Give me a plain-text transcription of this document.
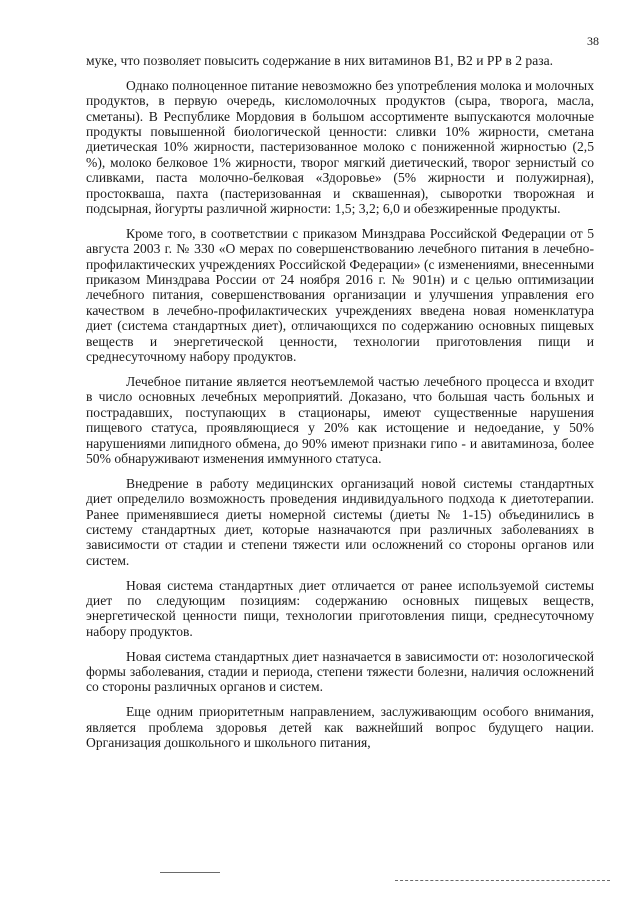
38

муке, что позволяет повысить содержание в них витаминов В1, В2 и РР в 2 раза.

Однако полноценное питание невозможно без употребления молока и молочных продуктов, в первую очередь, кисломолочных продуктов (сыра, творога, масла, сметаны). В Республике Мордовия в большом ассортименте выпускаются молочные продукты повышенной биологической ценности: сливки 10% жирности, сметана диетическая 10% жирности, пастеризованное молоко с пониженной жирностью (2,5 %), молоко белковое 1% жирности, творог мягкий диетический, творог зернистый со сливками, паста молочно-белковая «Здоровье» (5% жирности и полужирная), простокваша, пахта (пастеризованная и сквашенная), сыворотки творожная и подсырная, йогурты различной жирности: 1,5; 3,2; 6,0 и обезжиренные продукты.

Кроме того, в соответствии с приказом Минздрава Российской Федерации от 5 августа 2003 г. № 330 «О мерах по совершенствованию лечебного питания в лечебно-профилактических учреждениях Российской Федерации» (с изменениями, внесенными приказом Минздрава России от 24 ноября 2016 г. № 901н) и с целью оптимизации лечебного питания, совершенствования организации и улучшения управления его качеством в лечебно-профилактических учреждениях введена новая номенклатура диет (система стандартных диет), отличающихся по содержанию основных пищевых веществ и энергетической ценности, технологии приготовления пищи и среднесуточному набору продуктов.

Лечебное питание является неотъемлемой частью лечебного процесса и входит в число основных лечебных мероприятий. Доказано, что большая часть больных и пострадавших, поступающих в стационары, имеют существенные нарушения пищевого статуса, проявляющиеся у 20% как истощение и недоедание, у 50% нарушениями липидного обмена, до 90% имеют признаки гипо - и авитаминоза, более 50% обнаруживают изменения иммунного статуса.

Внедрение в работу медицинских организаций новой системы стандартных диет определило возможность проведения индивидуального подхода к диетотерапии. Ранее применявшиеся диеты номерной системы (диеты № 1-15) объединились в систему стандартных диет, которые назначаются при различных заболеваниях в зависимости от стадии и степени тяжести или осложнений со стороны органов или систем.

Новая система стандартных диет отличается от ранее используемой системы диет по следующим позициям: содержанию основных пищевых веществ, энергетической ценности пищи, технологии приготовления пищи, среднесуточному набору продуктов.

Новая система стандартных диет назначается в зависимости от: нозологической формы заболевания, стадии и периода, степени тяжести болезни, наличия осложнений со стороны различных органов и систем.

Еще одним приоритетным направлением, заслуживающим особого внимания, является проблема здоровья детей как важнейший вопрос будущего нации. Организация дошкольного и школьного питания,
